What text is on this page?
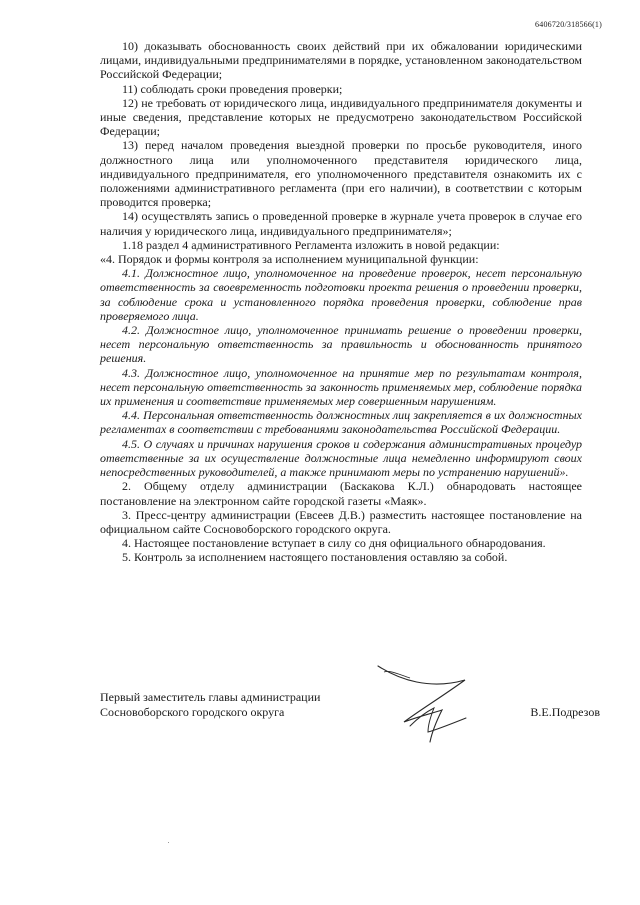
6406720/318566(1)

10) доказывать обоснованность своих действий при их обжаловании юридическими лицами, индивидуальными предпринимателями в порядке, установленном законодательством Российской Федерации;

11) соблюдать сроки проведения проверки;

12) не требовать от юридического лица, индивидуального предпринимателя документы и иные сведения, представление которых не предусмотрено законодательством Российской Федерации;

13) перед началом проведения выездной проверки по просьбе руководителя, иного должностного лица или уполномоченного представителя юридического лица, индивидуального предпринимателя, его уполномоченного представителя ознакомить их с положениями административного регламента (при его наличии), в соответствии с которым проводится проверка;

14) осуществлять запись о проведенной проверке в журнале учета проверок в случае его наличия у юридического лица, индивидуального предпринимателя»;

1.18 раздел 4 административного Регламента изложить в новой редакции:

«4. Порядок и формы контроля за исполнением муниципальной функции:

4.1. Должностное лицо, уполномоченное на проведение проверок, несет персональную ответственность за своевременность подготовки проекта решения о проведении проверки, за соблюдение срока и установленного порядка проведения проверки, соблюдение прав проверяемого лица.

4.2. Должностное лицо, уполномоченное принимать решение о проведении проверки, несет персональную ответственность за правильность и обоснованность принятого решения.

4.3. Должностное лицо, уполномоченное на принятие мер по результатам контроля, несет персональную ответственность за законность применяемых мер, соблюдение порядка их применения и соответствие применяемых мер совершенным нарушениям.

4.4. Персональная ответственность должностных лиц закрепляется в их должностных регламентах в соответствии с требованиями законодательства Российской Федерации.

4.5. О случаях и причинах нарушения сроков и содержания административных процедур ответственные за их осуществление должностные лица немедленно информируют своих непосредственных руководителей, а также принимают меры по устранению нарушений».

2. Общему отделу администрации (Баскакова К.Л.) обнародовать настоящее постановление на электронном сайте городской газеты «Маяк».

3. Пресс-центру администрации (Евсеев Д.В.) разместить настоящее постановление на официальном сайте Сосновоборского городского округа.

4. Настоящее постановление вступает в силу со дня официального обнародования.

5. Контроль за исполнением настоящего постановления оставляю за собой.

Первый заместитель главы администрации
Сосновоборского городского округа	В.Е.Подрезов
